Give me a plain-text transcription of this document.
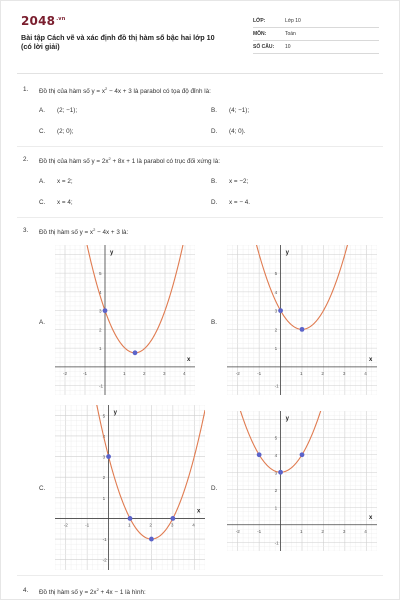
$2048^{.vn}$
Bài tập Cách vẽ và xác định đồ thị hàm số bậc hai lớp 10
(có lời giải)
LỚP:	Lớp 10
MÔN:	Toán
SỐ CÂU:	10
1. Đồ thị của hàm số $y = x^2 - 4x + 3$ là parabol có tọa độ đỉnh là:
A. (2; −1);	B. (4; −1);
C. (2; 0);	D. (4; 0).
2. Đồ thị của hàm số $y = 2x^2 + 8x + 1$ là parabol có trục đối xứng là:
A. x = 2;	B. x = −2;
C. x = 4;	D. x = − 4.
3. Đồ thị hàm số $y = x^2 - 4x + 3$ là:
A.
x
y
-2	-1	1	2	3	4
-1
1
2
3
4
5
B.
x
y
-2	-1	1	2	3	4
-1
1
2
3
4
5
C.
x
y
-2	-1	1	2	3	4
-2
-1
1
2
3
4
5
D.
x
y
-2	-1	1	2	3	4
-1
1
2
3
4
5
4. Đồ thị hàm số $y = 2x^2 + 4x - 1$ là hình:
